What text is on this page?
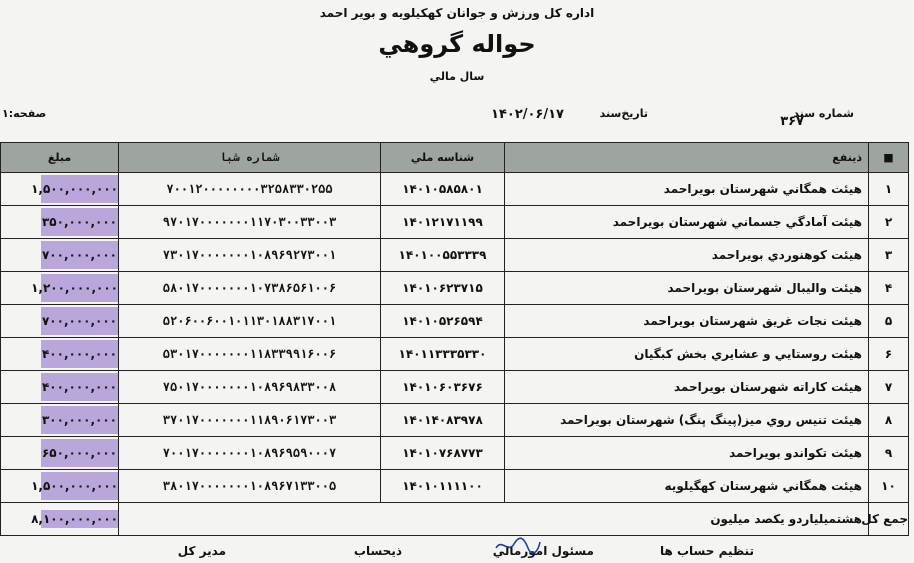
اداره کل ورزش و جوانان کهکیلویه و بویر احمد
حواله گروهي
سال مالي
شماره سند
۳۶۷
تاريخ‌سند
۱۴۰۲/۰۶/۱۷
صفحه:۱
■	ذينفع	شناسه ملي	شماره شبا	مبلغ
۱	هيئت همگاني شهرستان بويراحمد	۱۴۰۱۰۵۸۵۸۰۱	۷۰۰۱۲۰۰۰۰۰۰۰۰۳۲۵۸۳۳۰۲۵۵	۱,۵۰۰,۰۰۰,۰۰۰

۲	هيئت آمادگي جسماني شهرستان بويراحمد	۱۴۰۱۲۱۷۱۱۹۹	۹۷۰۱۷۰۰۰۰۰۰۰۱۱۷۰۳۰۰۳۳۰۰۳	۳۵۰,۰۰۰,۰۰۰

۳	هيئت کوهنوردي بويراحمد	۱۴۰۱۰۰۵۵۳۳۳۹	۷۳۰۱۷۰۰۰۰۰۰۰۱۰۸۹۶۹۲۷۳۰۰۱	۷۰۰,۰۰۰,۰۰۰

۴	هيئت واليبال شهرستان بويراحمد	۱۴۰۱۰۶۲۳۷۱۵	۵۸۰۱۷۰۰۰۰۰۰۰۱۰۷۳۸۶۵۶۱۰۰۶	۱,۲۰۰,۰۰۰,۰۰۰

۵	هيئت نجات غريق شهرستان بويراحمد	۱۴۰۱۰۵۲۶۵۹۴	۵۲۰۶۰۰۶۰۰۱۰۱۱۳۰۱۸۸۳۱۷۰۰۱	۷۰۰,۰۰۰,۰۰۰

۶	هيئت روستايي و عشايري بخش کبگيان	۱۴۰۱۱۳۳۳۵۳۳۰	۵۳۰۱۷۰۰۰۰۰۰۰۱۱۸۳۳۹۹۱۶۰۰۶	۴۰۰,۰۰۰,۰۰۰

۷	هيئت کاراته شهرستان بويراحمد	۱۴۰۱۰۶۰۳۶۷۶	۷۵۰۱۷۰۰۰۰۰۰۰۱۰۸۹۶۹۸۳۳۰۰۸	۴۰۰,۰۰۰,۰۰۰

۸	هيئت تنيس روي ميز(پينگ پنگ) شهرستان بويراحمد	۱۴۰۱۴۰۸۳۹۷۸	۳۷۰۱۷۰۰۰۰۰۰۰۱۱۸۹۰۶۱۷۳۰۰۳	۳۰۰,۰۰۰,۰۰۰

۹	هيئت تکواندو بويراحمد	۱۴۰۱۰۷۶۸۷۷۳	۷۰۰۱۷۰۰۰۰۰۰۰۱۰۸۹۶۹۵۹۰۰۰۷	۶۵۰,۰۰۰,۰۰۰

۱۰	هيئت همگاني شهرستان کهگيلويه	۱۴۰۱۰۱۱۱۱۰۰	۳۸۰۱۷۰۰۰۰۰۰۰۱۰۸۹۶۷۱۳۳۰۰۵	۱,۵۰۰,۰۰۰,۰۰۰

جمع کل	هشتميلياردو يکصد ميليون			۸,۱۰۰,۰۰۰,۰۰۰
تنظيم حساب ها
مسئول امورمالي
ذيحساب
مدير کل
